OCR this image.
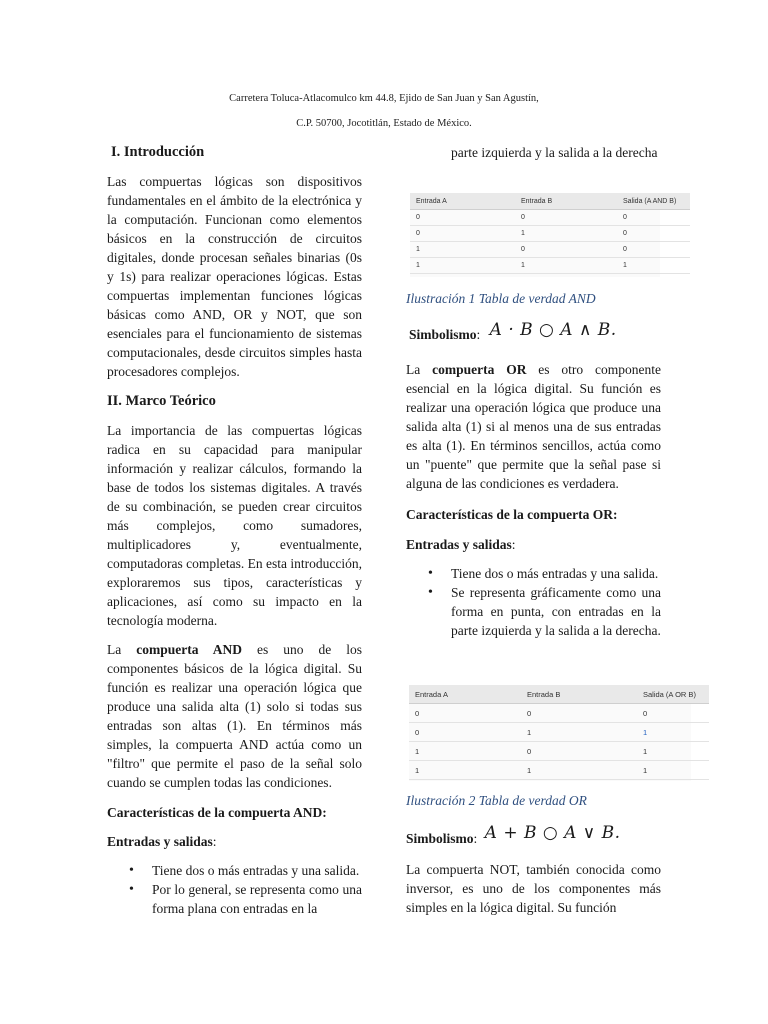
Carretera Toluca-Atlacomulco km 44.8, Ejido de San Juan y San Agustín,
C.P. 50700, Jocotitlán, Estado de México.
I. Introducción

Las compuertas lógicas son dispositivos fundamentales en el ámbito de la electrónica y la computación. Funcionan como elementos básicos en la construcción de circuitos digitales, donde procesan señales binarias (0s y 1s) para realizar operaciones lógicas. Estas compuertas implementan funciones lógicas básicas como AND, OR y NOT, que son esenciales para el funcionamiento de sistemas computacionales, desde circuitos simples hasta procesadores complejos.

II. Marco Teórico

La importancia de las compuertas lógicas radica en su capacidad para manipular información y realizar cálculos, formando la base de todos los sistemas digitales. A través de su combinación, se pueden crear circuitos más complejos, como sumadores, multiplicadores y, eventualmente, computadoras completas. En esta introducción, exploraremos sus tipos, características y aplicaciones, así como su impacto en la tecnología moderna.

La compuerta AND es uno de los componentes básicos de la lógica digital. Su función es realizar una operación lógica que produce una salida alta (1) solo si todas sus entradas son altas (1). En términos más simples, la compuerta AND actúa como un "filtro" que permite el paso de la señal solo cuando se cumplen todas las condiciones.

Características de la compuerta AND:
Entradas y salidas:
• Tiene dos o más entradas y una salida.
• Por lo general, se representa como una forma plana con entradas en la

parte izquierda y la salida a la derecha

Entrada A	Entrada B	Salida (A AND B)
0	0	0
0	1	0
1	0	0
1	1	1
Ilustración 1 Tabla de verdad AND
Simbolismo: A · B ○ A ∧ B.

La compuerta OR es otro componente esencial en la lógica digital. Su función es realizar una operación lógica que produce una salida alta (1) si al menos una de sus entradas es alta (1). En términos sencillos, actúa como un "puente" que permite que la señal pase si alguna de las condiciones es verdadera.

Características de la compuerta OR:
Entradas y salidas:
• Tiene dos o más entradas y una salida.
• Se representa gráficamente como una forma en punta, con entradas en la parte izquierda y la salida a la derecha.
Entrada A	Entrada B	Salida (A OR B)
0	0	0
0	1	1
1	0	1
1	1	1
Ilustración 2 Tabla de verdad OR
Simbolismo: A + B ○ A ∨ B.

La compuerta NOT, también conocida como inversor, es uno de los componentes más simples en la lógica digital. Su función
